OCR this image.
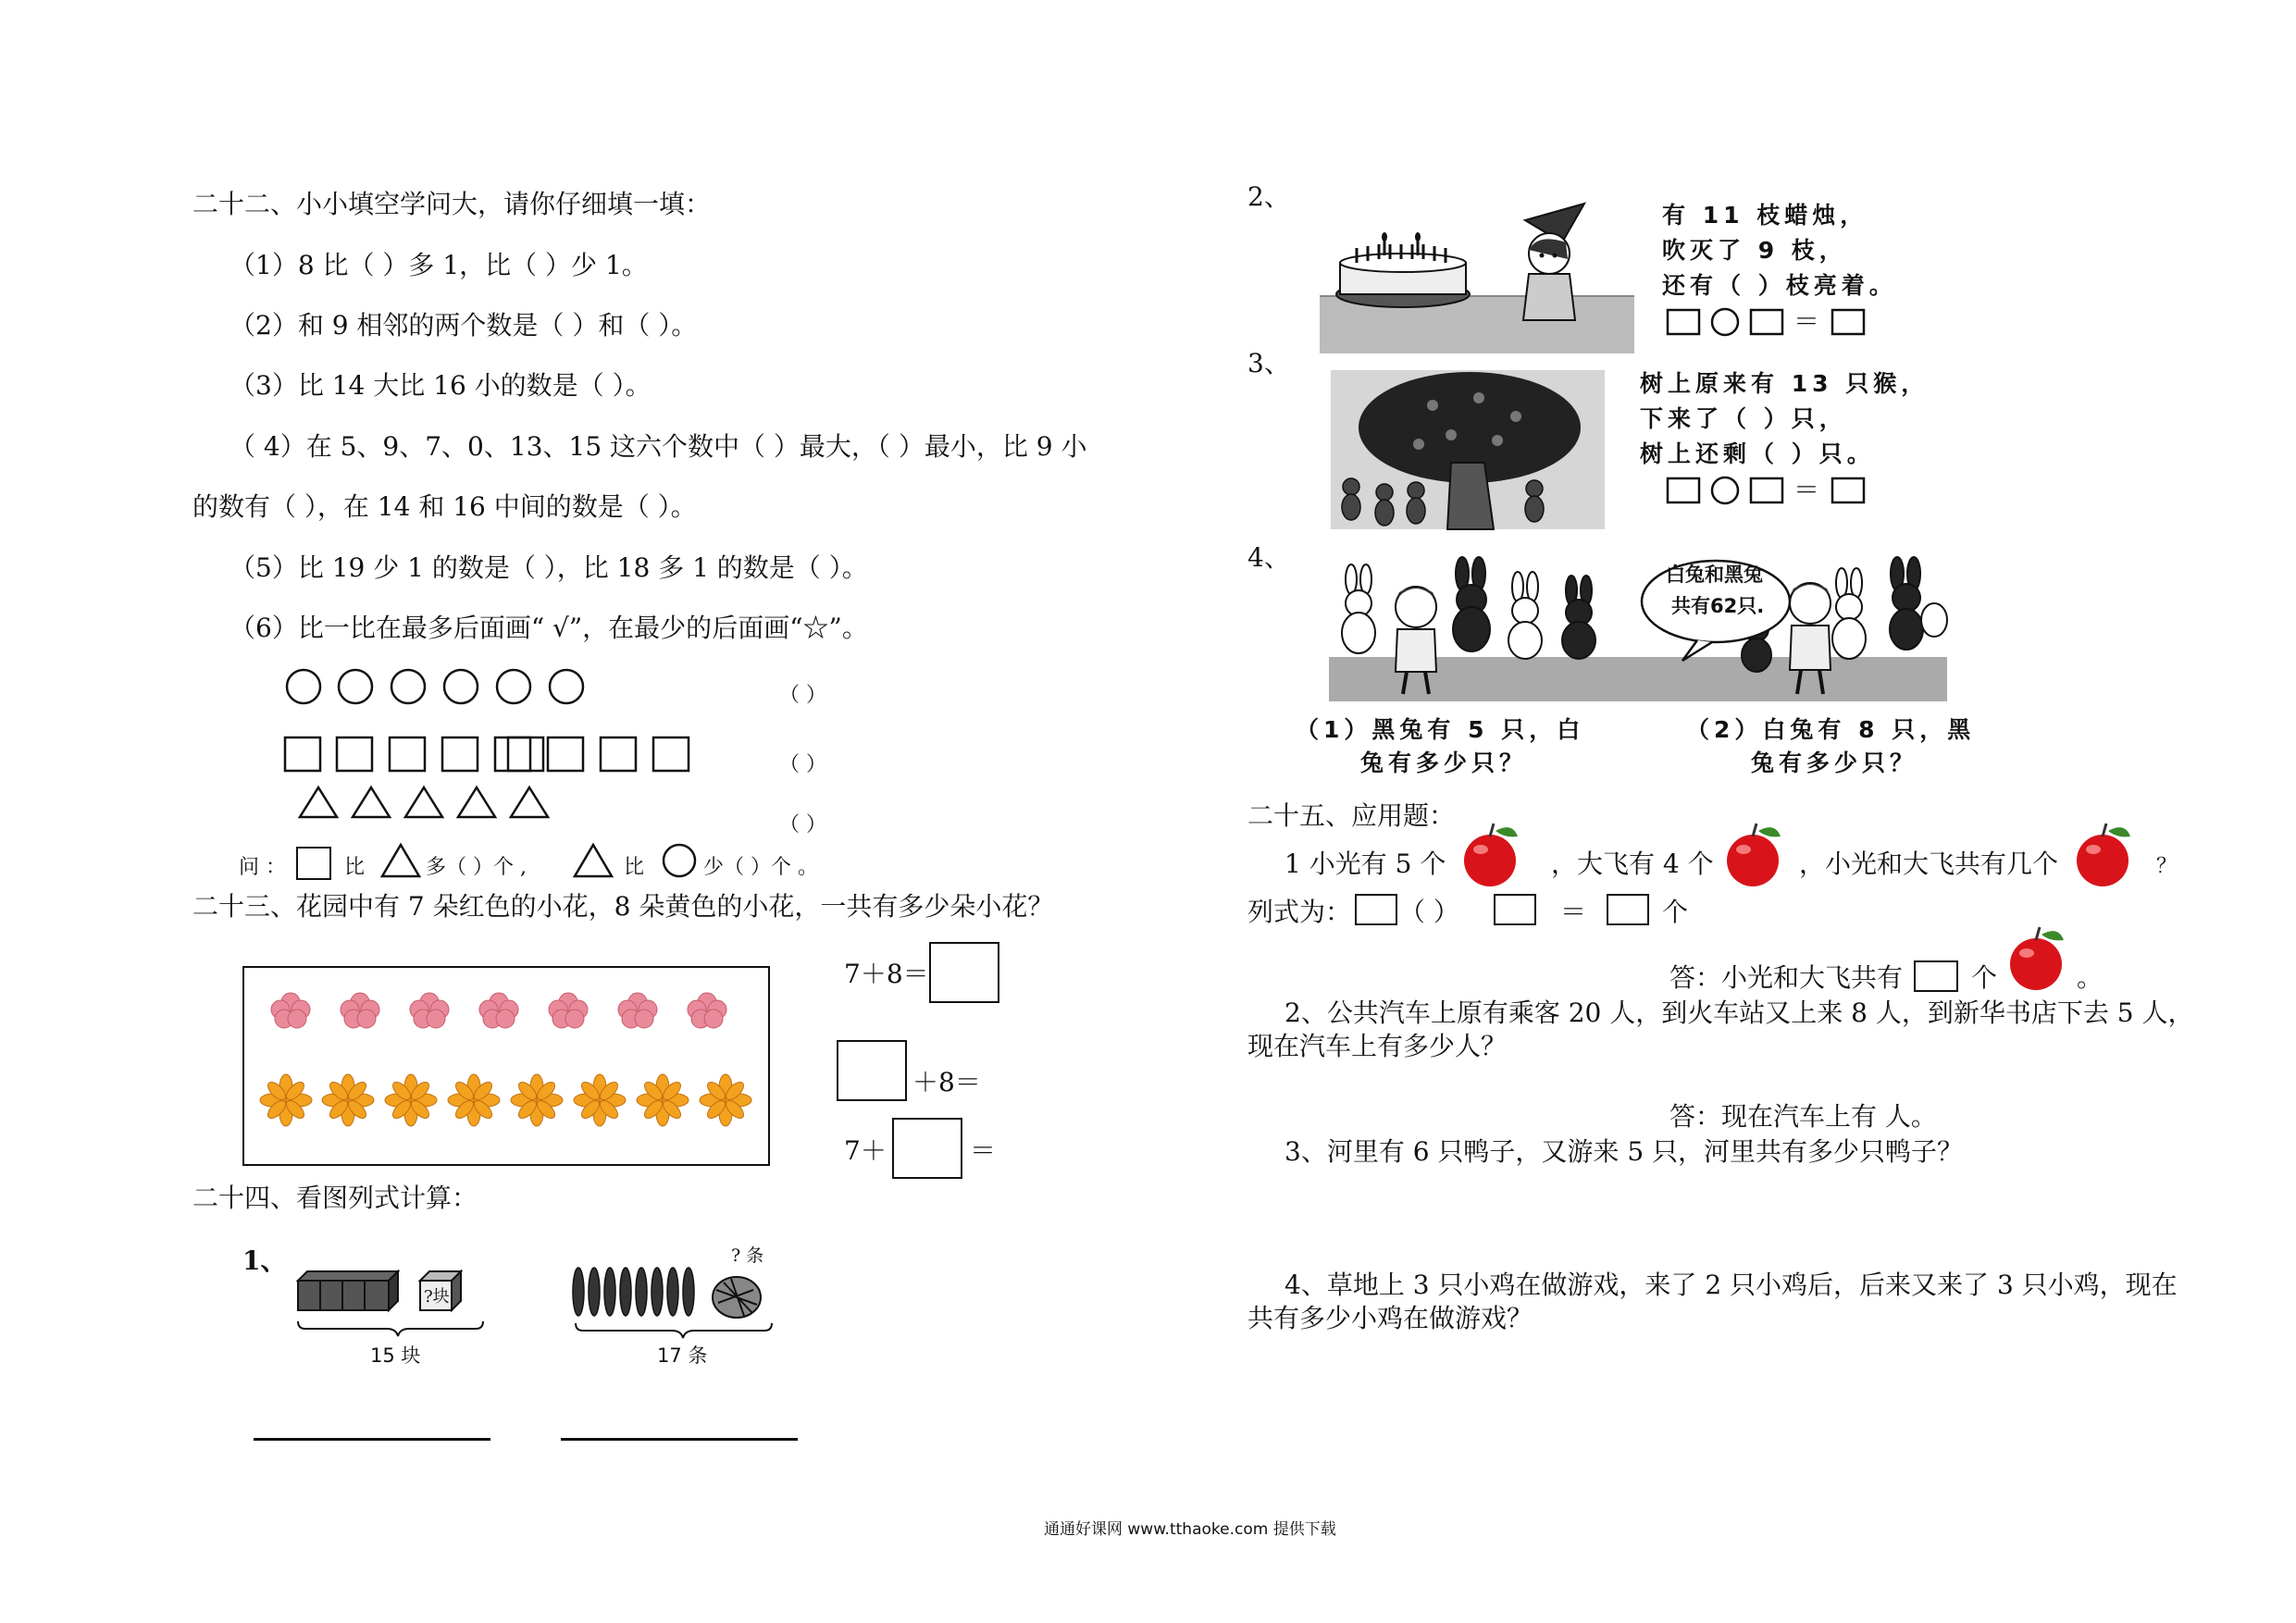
二十二、小小填空学问大，请你仔细填一填：
（1）8 比（ ）多 1，比（ ）少 1。
（2）和 9 相邻的两个数是（ ）和（ ）。
（3）比 14 大比 16 小的数是（ ）。
（ 4）在 5、9、7、0、13、15 这六个数中（ ）最大，（ ）最小，比 9 小
的数有（ ），在 14 和 16 中间的数是（ ）。
（5）比 19 少 1 的数是（ ），比 18 多 1 的数是（ ）。
（6）比一比在最多后面画“ √”，在最少的后面画“☆”。
（ ）
（ ）
（ ）
问 ：	比	多（ ）个 ,	比	少（ ）个 。
二十三、花园中有 7 朵红色的小花，8 朵黄色的小花，一共有多少朵小花？
7＋8＝
＋8＝
7＋	＝
二十四、看图列式计算：
1、
?块
15 块
? 条
17 条
2、
有 11 枝蜡烛，
吹灭了 9 枝，
还有（ ）枝亮着。
＝
3、
树上原来有 13 只猴，
下来了（ ）只，
树上还剩（ ）只。
＝
4、
白兔和黑兔
共有62只.
（1）黑兔有 5 只，白
兔有多少只？
（2）白兔有 8 只，黑
兔有多少只？
二十五、应用题：
1 小光有 5 个	，大飞有 4 个	，小光和大飞共有几个	？
列式为： （ ）	＝	个
答：小光和大飞共有	个	。
2、公共汽车上原有乘客 20 人，到火车站又上来 8 人，到新华书店下去 5 人，
现在汽车上有多少人？
答：现在汽车上有 人。
3、河里有 6 只鸭子，又游来 5 只，河里共有多少只鸭子？
4、草地上 3 只小鸡在做游戏，来了 2 只小鸡后，后来又来了 3 只小鸡，现在
共有多少小鸡在做游戏？
通通好课网 www.tthaoke.com 提供下载
